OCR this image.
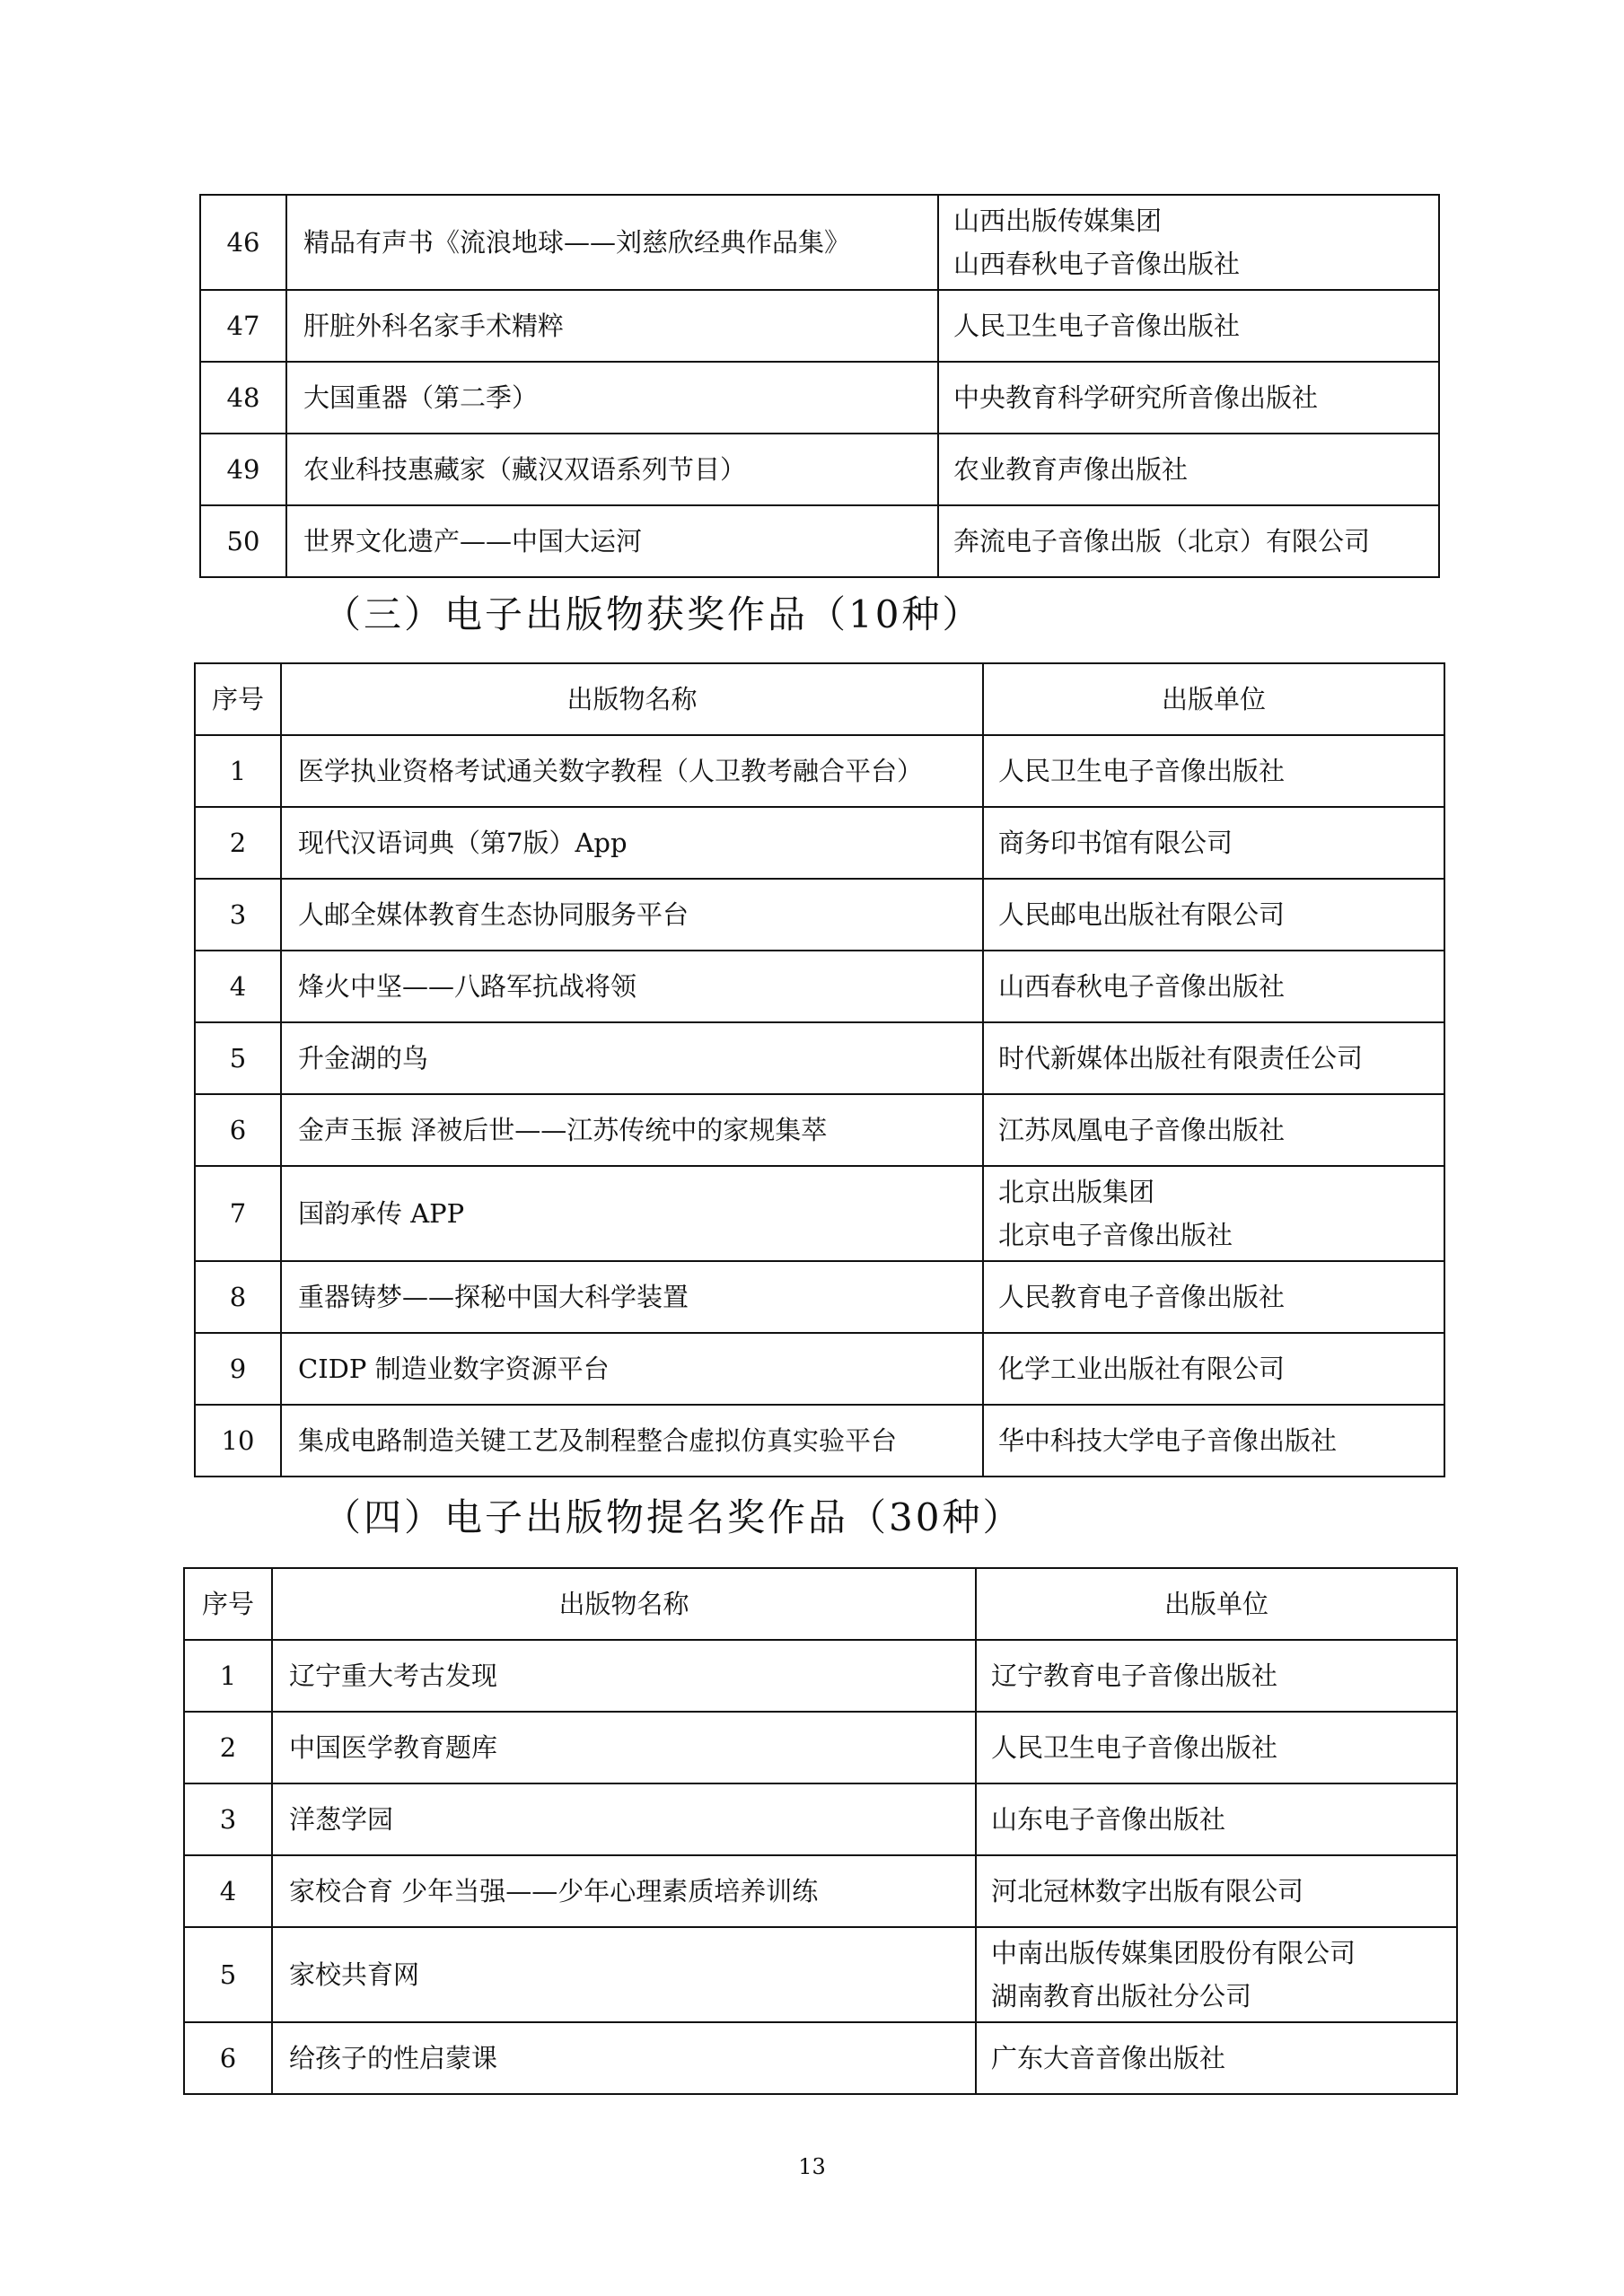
46	精品有声书《流浪地球——刘慈欣经典作品集》	山西出版传媒集团
山西春秋电子音像出版社

47	肝脏外科名家手术精粹	人民卫生电子音像出版社

48	大国重器（第二季）	中央教育科学研究所音像出版社

49	农业科技惠藏家（藏汉双语系列节目）	农业教育声像出版社

50	世界文化遗产——中国大运河	奔流电子音像出版（北京）有限公司
（三）电子出版物获奖作品（10种）
序号	出版物名称	出版单位
1	医学执业资格考试通关数字教程（人卫教考融合平台）	人民卫生电子音像出版社

2	现代汉语词典（第7版）App	商务印书馆有限公司

3	人邮全媒体教育生态协同服务平台	人民邮电出版社有限公司

4	烽火中坚——八路军抗战将领	山西春秋电子音像出版社

5	升金湖的鸟	时代新媒体出版社有限责任公司

6	金声玉振 泽被后世——江苏传统中的家规集萃	江苏凤凰电子音像出版社

7	国韵承传 APP	北京出版集团
北京电子音像出版社

8	重器铸梦——探秘中国大科学装置	人民教育电子音像出版社

9	CIDP 制造业数字资源平台	化学工业出版社有限公司

10	集成电路制造关键工艺及制程整合虚拟仿真实验平台	华中科技大学电子音像出版社
（四）电子出版物提名奖作品（30种）
序号	出版物名称	出版单位
1	辽宁重大考古发现	辽宁教育电子音像出版社

2	中国医学教育题库	人民卫生电子音像出版社

3	洋葱学园	山东电子音像出版社

4	家校合育 少年当强——少年心理素质培养训练	河北冠林数字出版有限公司

5	家校共育网	中南出版传媒集团股份有限公司
湖南教育出版社分公司

6	给孩子的性启蒙课	广东大音音像出版社
13
